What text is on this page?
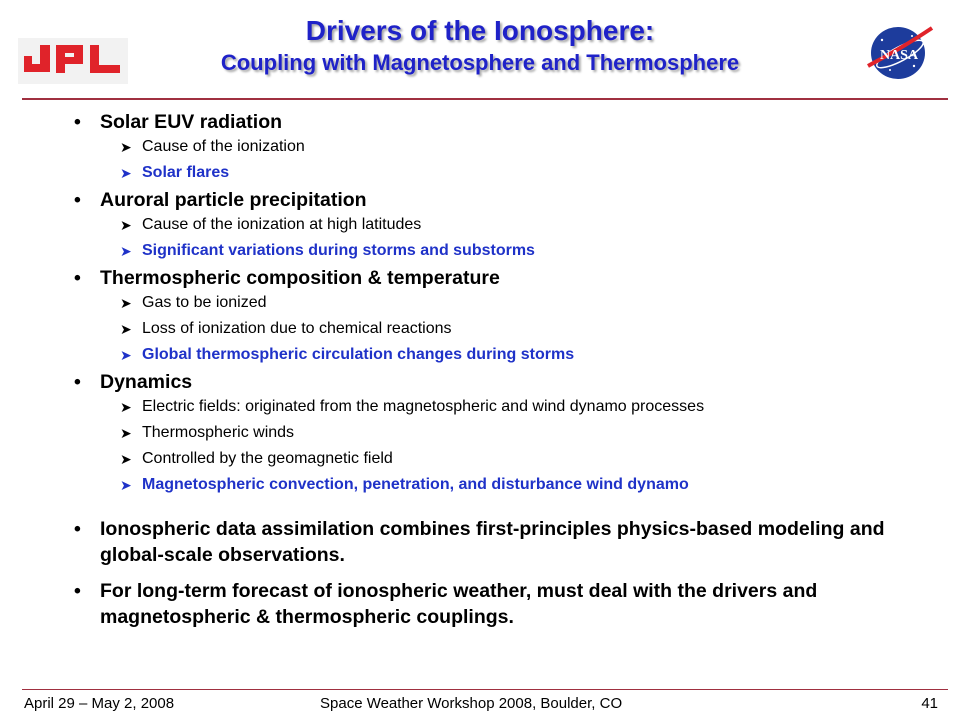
Drivers of the Ionosphere:
Coupling with Magnetosphere and Thermosphere	NASA
• Solar EUV radiation
➤ Cause of the ionization
➤ Solar flares
• Auroral particle precipitation
➤ Cause of the ionization at high latitudes
➤ Significant variations during storms and substorms
• Thermospheric composition & temperature
➤ Gas to be ionized
➤ Loss of ionization due to chemical reactions
➤ Global thermospheric circulation changes during storms
• Dynamics
➤ Electric fields: originated from the magnetospheric and wind dynamo processes
➤ Thermospheric winds
➤ Controlled by the geomagnetic field
➤ Magnetospheric convection, penetration, and disturbance wind dynamo
• Ionospheric data assimilation combines first-principles physics-based modeling and global-scale observations.
• For long-term forecast of ionospheric weather, must deal with the drivers and magnetospheric & thermospheric couplings.
April 29 – May 2, 2008	Space Weather Workshop 2008, Boulder, CO	41
